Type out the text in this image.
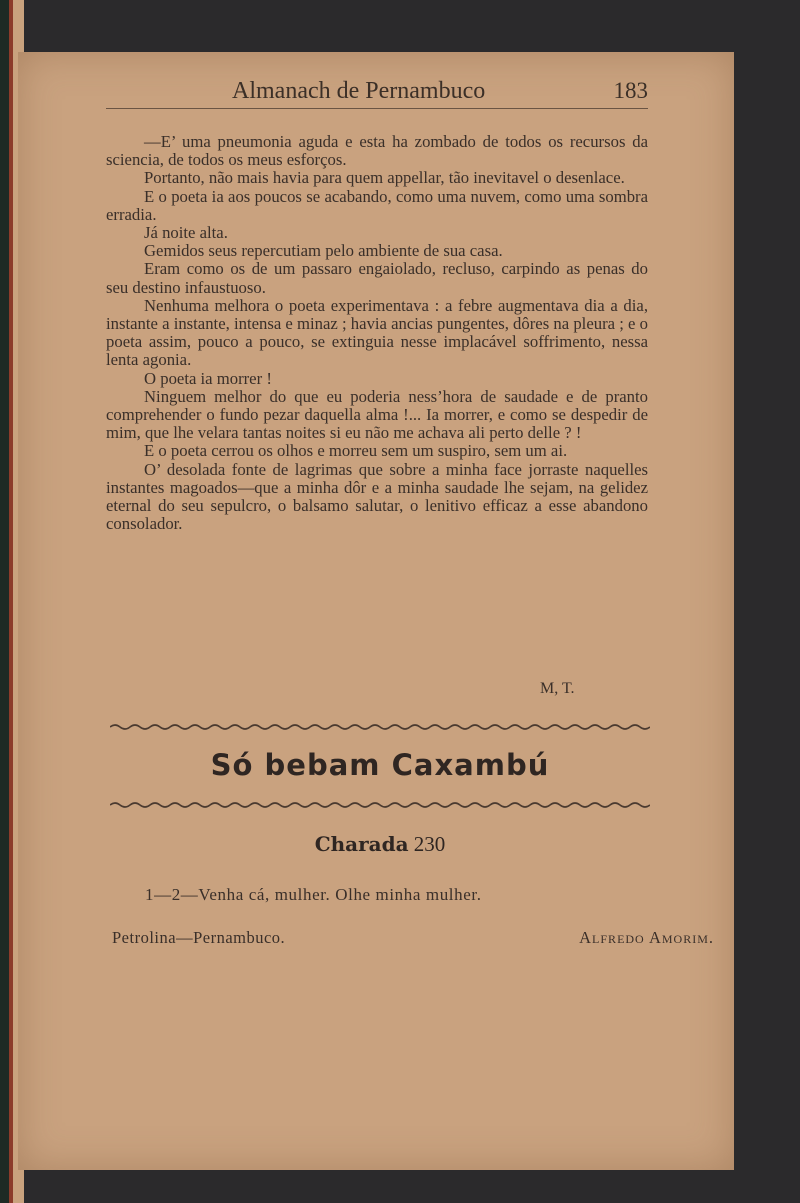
Almanach de Pernambuco	183

—E’ uma pneumonia aguda e esta ha zombado de todos os recursos da sciencia, de todos os meus esforços.

Portanto, não mais havia para quem appellar, tão inevitavel o desenlace.

E o poeta ia aos poucos se acabando, como uma nuvem, como uma sombra erradia.

Já noite alta.

Gemidos seus repercutiam pelo ambiente de sua casa.

Eram como os de um passaro engaiolado, recluso, carpindo as penas do seu destino infaustuoso.

Nenhuma melhora o poeta experimentava : a febre augmentava dia a dia, instante a instante, intensa e minaz ; havia ancias pungentes, dôres na pleura ; e o poeta assim, pouco a pouco, se extinguia nesse implacável soffrimento, nessa lenta agonia.

O poeta ia morrer !

Ninguem melhor do que eu poderia ness’hora de saudade e de pranto comprehender o fundo pezar daquella alma !... Ia morrer, e como se despedir de mim, que lhe velara tantas noites si eu não me achava ali perto delle ? !

E o poeta cerrou os olhos e morreu sem um suspiro, sem um ai.

O’ desolada fonte de lagrimas que sobre a minha face jorraste naquelles instantes magoados—que a minha dôr e a minha saudade lhe sejam, na gelidez eternal do seu sepulcro, o balsamo salutar, o lenitivo efficaz a esse abandono consolador.

M, T.
Só bebam Caxambú
Charada 230
1—2—Venha cá, mulher. Olhe minha mulher.
Petrolina—Pernambuco.	Alfredo Amorim.
